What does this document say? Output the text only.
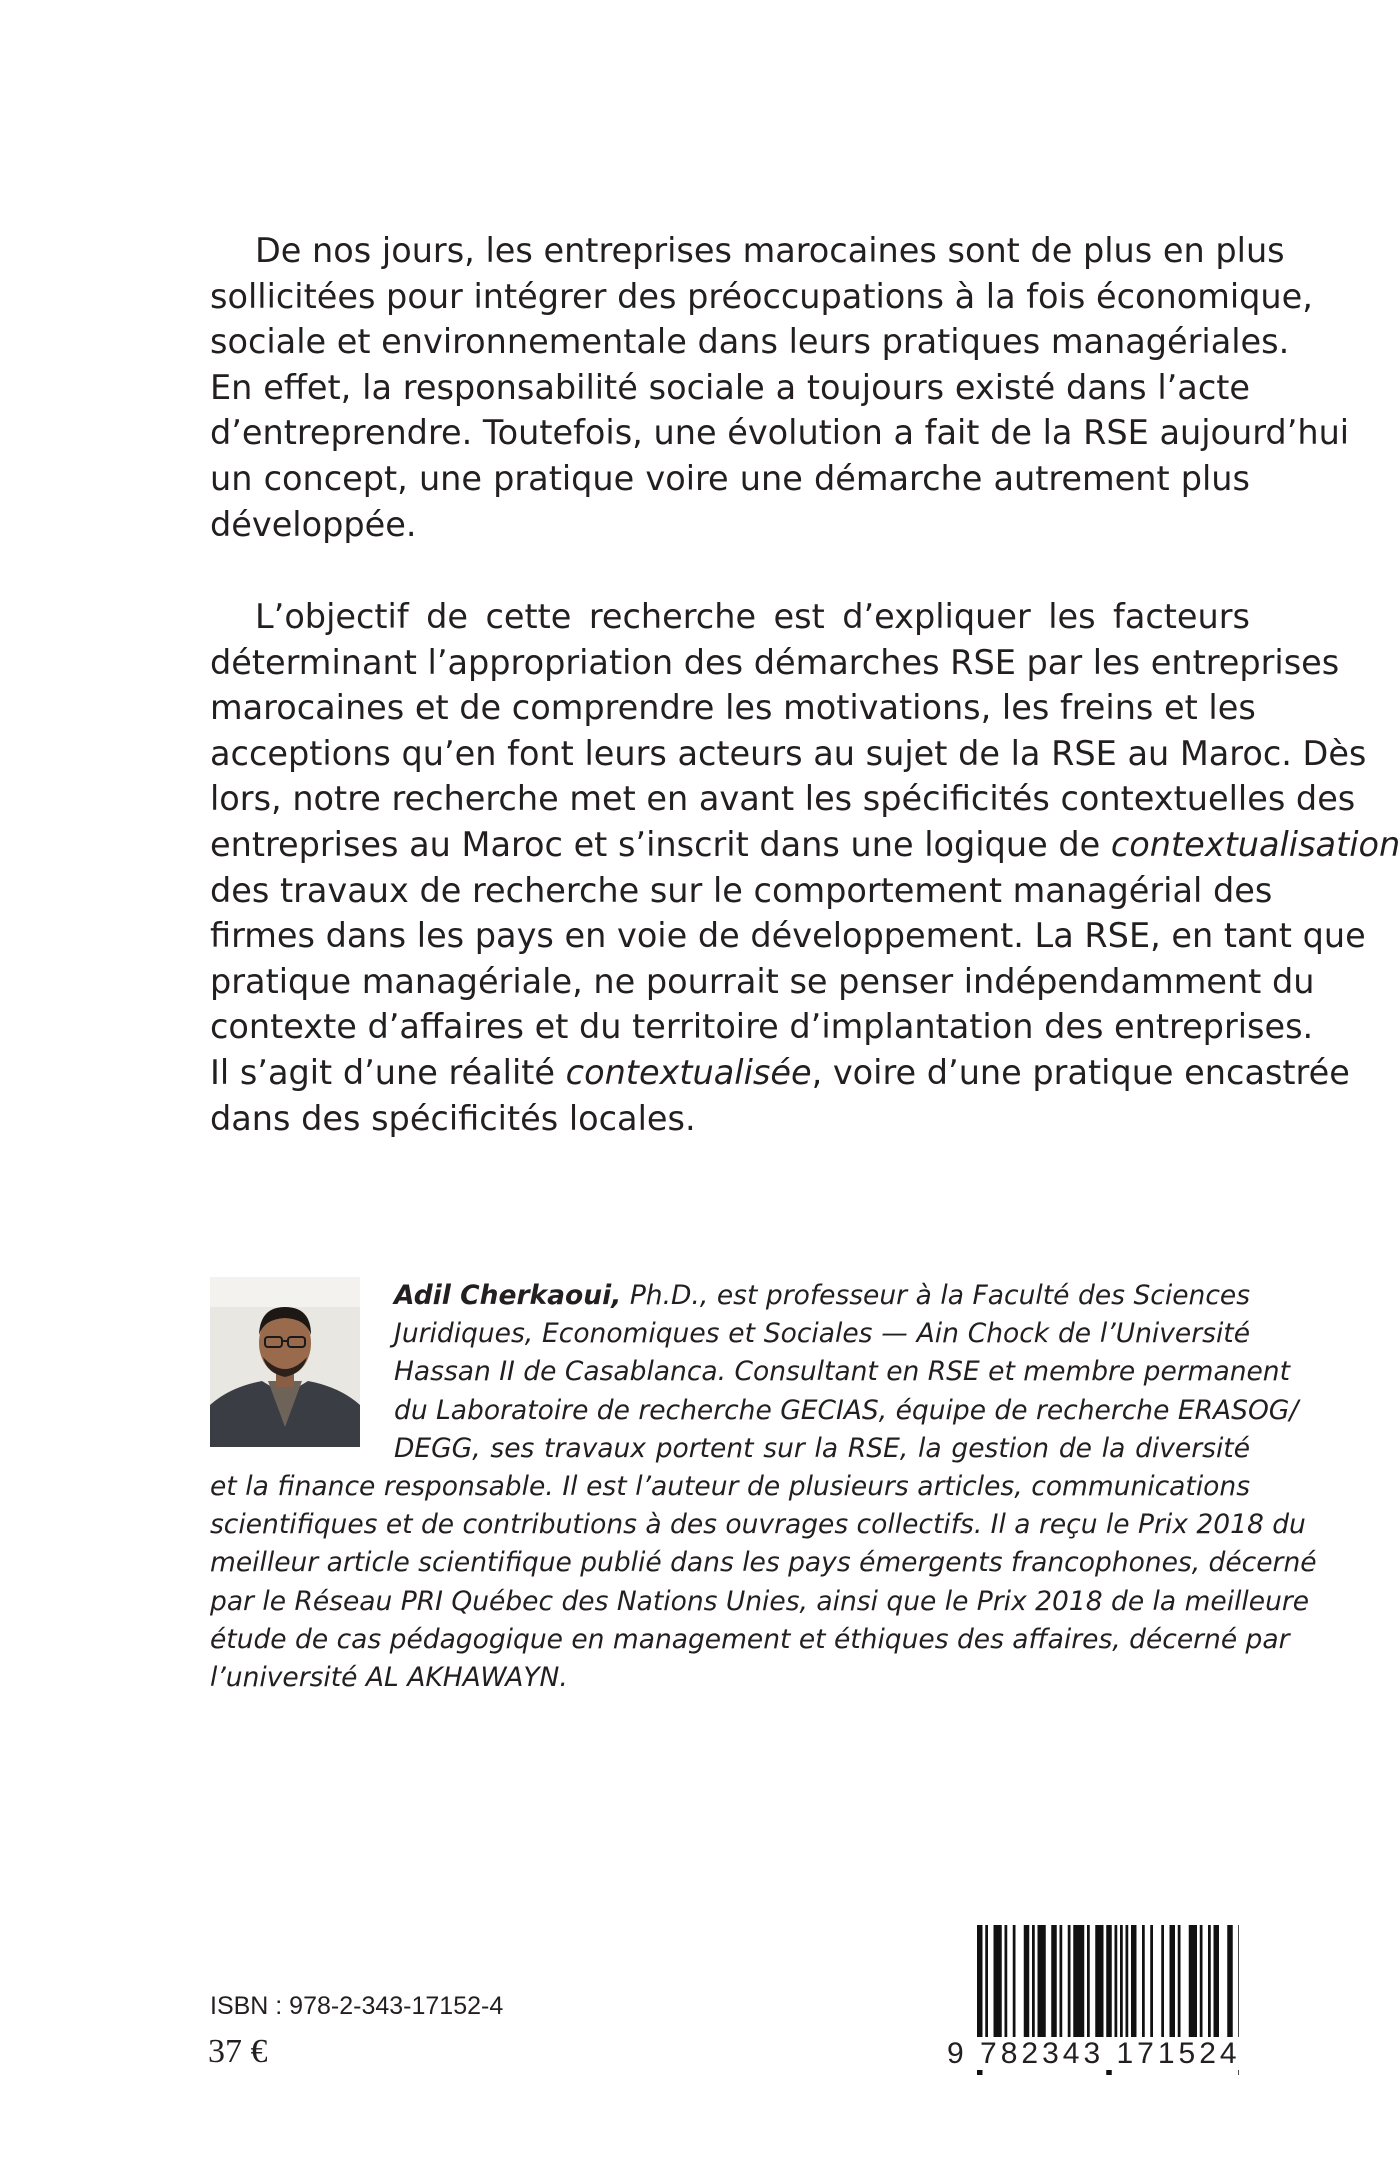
De nos jours, les entreprises marocaines sont de plus en plus
sollicitées pour intégrer des préoccupations à la fois économique,
sociale et environnementale dans leurs pratiques managériales.
En effet, la responsabilité sociale a toujours existé dans l’acte
d’entreprendre. Toutefois, une évolution a fait de la RSE aujourd’hui
un concept, une pratique voire une démarche autrement plus
développée.
L’objectif de cette recherche est d’expliquer les facteurs
déterminant l’appropriation des démarches RSE par les entreprises
marocaines et de comprendre les motivations, les freins et les
acceptions qu’en font leurs acteurs au sujet de la RSE au Maroc. Dès
lors, notre recherche met en avant les spécificités contextuelles des
entreprises au Maroc et s’inscrit dans une logique de contextualisation
des travaux de recherche sur le comportement managérial des
firmes dans les pays en voie de développement. La RSE, en tant que
pratique managériale, ne pourrait se penser indépendamment du
contexte d’affaires et du territoire d’implantation des entreprises.
Il s’agit d’une réalité contextualisée, voire d’une pratique encastrée
dans des spécificités locales.
Adil Cherkaoui, Ph.D., est professeur à la Faculté des Sciences
Juridiques, Economiques et Sociales — Ain Chock de l’Université
Hassan II de Casablanca. Consultant en RSE et membre permanent
du Laboratoire de recherche GECIAS, équipe de recherche ERASOG/
DEGG, ses travaux portent sur la RSE, la gestion de la diversité
et la finance responsable. Il est l’auteur de plusieurs articles, communications
scientifiques et de contributions à des ouvrages collectifs. Il a reçu le Prix 2018 du
meilleur article scientifique publié dans les pays émergents francophones, décerné
par le Réseau PRI Québec des Nations Unies, ainsi que le Prix 2018 de la meilleure
étude de cas pédagogique en management et éthiques des affaires, décerné par
l’université AL AKHAWAYN.
ISBN : 978-2-343-17152-4
37 €	9 782343 171524
